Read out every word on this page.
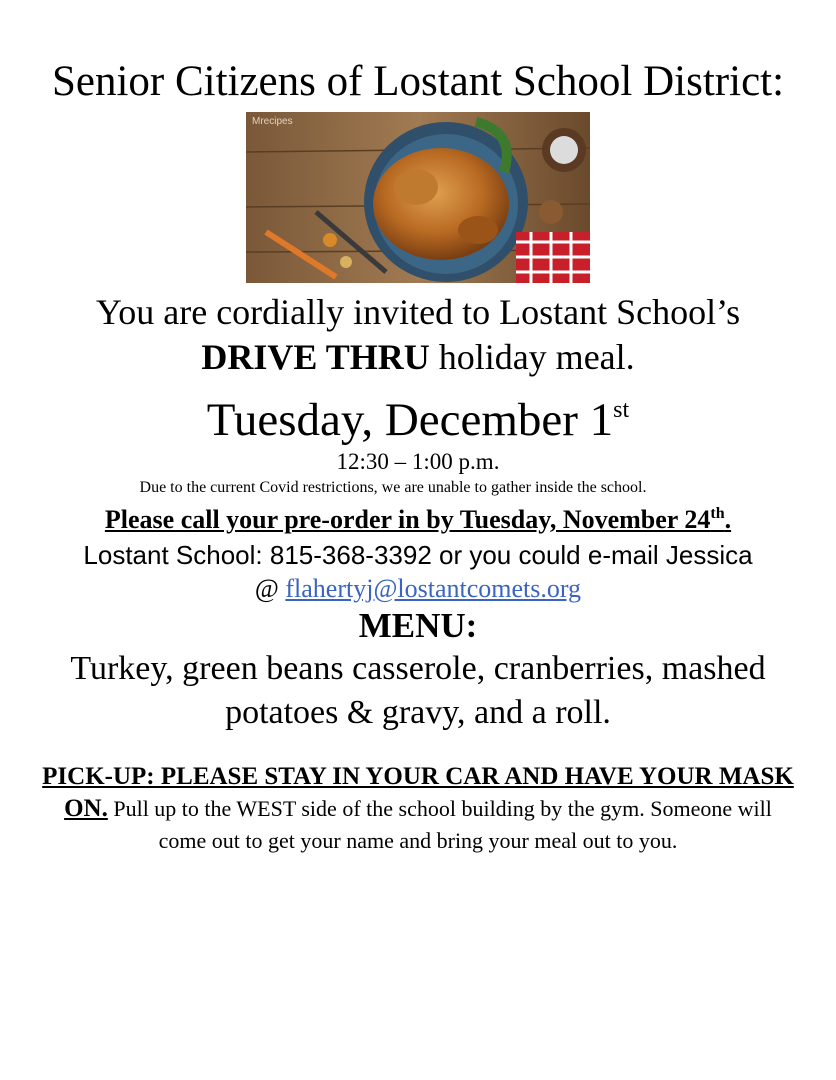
Senior Citizens of Lostant School District:
Mrecipes
You are cordially invited to Lostant School’s
DRIVE THRU holiday meal.
Tuesday, December 1st
12:30 – 1:00 p.m.
Due to the current Covid restrictions, we are unable to gather inside the school.
Please call your pre-order in by Tuesday, November 24th.
Lostant School: 815-368-3392 or you could e-mail Jessica
@ flahertyj@lostantcomets.org
MENU:
Turkey, green beans casserole, cranberries, mashed
potatoes & gravy, and a roll.
PICK-UP: PLEASE STAY IN YOUR CAR AND HAVE YOUR MASK ON. Pull up to the WEST side of the school building by the gym. Someone will come out to get your name and bring your meal out to you.
